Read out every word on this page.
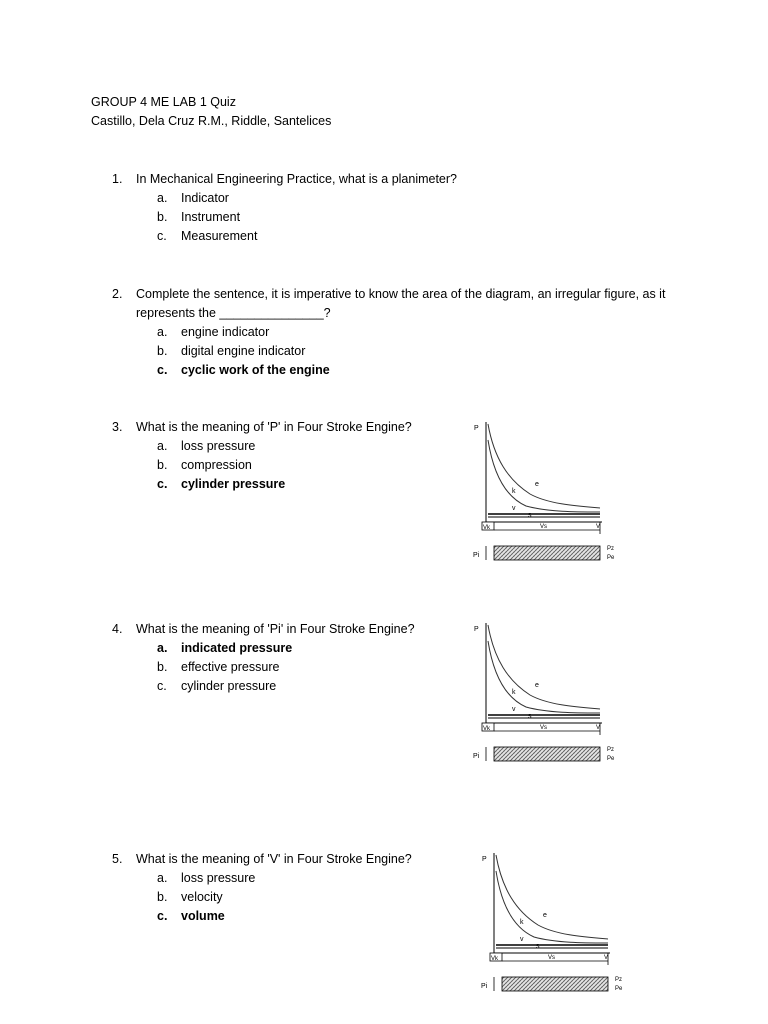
GROUP 4 ME LAB 1 Quiz
Castillo, Dela Cruz R.M., Riddle, Santelices
1.	In Mechanical Engineering Practice, what is a planimeter?
a.	Indicator
b.	Instrument
c.	Measurement
2.	Complete the sentence, it is imperative to know the area of the diagram, an irregular figure, as it
represents the _______________?
a.	engine indicator
b.	digital engine indicator
c.	cyclic work of the engine
3.	What is the meaning of 'P' in Four Stroke Engine?
a.	loss pressure
b.	compression
c.	cylinder pressure
4.	What is the meaning of 'Pi' in Four Stroke Engine?
a.	indicated pressure
b.	effective pressure
c.	cylinder pressure
5.	What is the meaning of 'V' in Four Stroke Engine?
a.	loss pressure
b.	velocity
c.	volume
P
e
k
v
s
Vk	Vs	V
Pi
Pz
Pe
P
e
k
v
s
Vk	Vs	V
Pi
Pz
Pe
P
e
k
v
s
Vk	Vs	V
Pi
Pz
Pe
